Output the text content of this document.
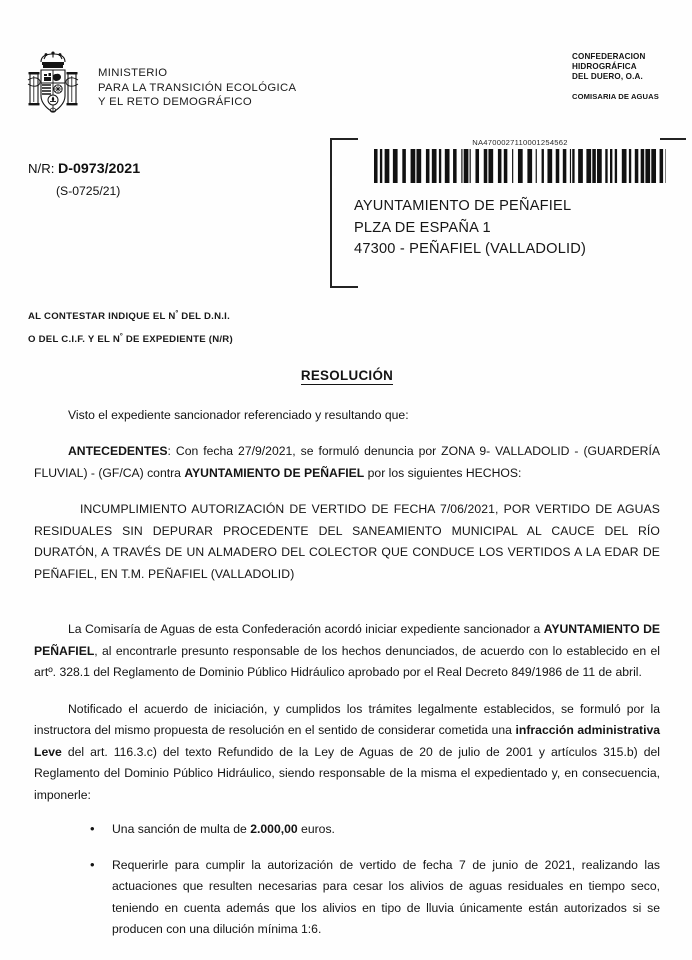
MINISTERIO
PARA LA TRANSICIÓN ECOLÓGICA
Y EL RETO DEMOGRÁFICO
CONFEDERACION
HIDROGRÁFICA
DEL DUERO, O.A.
COMISARIA DE AGUAS
N/R: D-0973/2021
(S-0725/21)
NA4700027110001254562
AYUNTAMIENTO DE PEÑAFIEL
PLZA DE ESPAÑA 1
47300 - PEÑAFIEL (VALLADOLID)
AL CONTESTAR INDIQUE EL $N^º$ DEL D.N.I.
O DEL C.I.F. Y EL $N^º$ DE EXPEDIENTE (N/R)
RESOLUCIÓN

Visto el expediente sancionador referenciado y resultando que:

ANTECEDENTES: Con fecha 27/9/2021, se formuló denuncia por ZONA 9- VALLADOLID - (GUARDERÍA FLUVIAL) - (GF/CA) contra AYUNTAMIENTO DE PEÑAFIEL por los siguientes HECHOS:

INCUMPLIMIENTO AUTORIZACIÓN DE VERTIDO DE FECHA 7/06/2021, POR VERTIDO DE AGUAS RESIDUALES SIN DEPURAR PROCEDENTE DEL SANEAMIENTO MUNICIPAL AL CAUCE DEL RÍO DURATÓN, A TRAVÉS DE UN ALMADERO DEL COLECTOR QUE CONDUCE LOS VERTIDOS A LA EDAR DE PEÑAFIEL, EN T.M. PEÑAFIEL (VALLADOLID)

La Comisaría de Aguas de esta Confederación acordó iniciar expediente sancionador a AYUNTAMIENTO DE PEÑAFIEL, al encontrarle presunto responsable de los hechos denunciados, de acuerdo con lo establecido en el artº. 328.1 del Reglamento de Dominio Público Hidráulico aprobado por el Real Decreto 849/1986 de 11 de abril.

Notificado el acuerdo de iniciación, y cumplidos los trámites legalmente establecidos, se formuló por la instructora del mismo propuesta de resolución en el sentido de considerar cometida una infracción administrativa Leve del art. 116.3.c) del texto Refundido de la Ley de Aguas de 20 de julio de 2001 y artículos 315.b) del Reglamento del Dominio Público Hidráulico, siendo responsable de la misma el expedientado y, en consecuencia, imponerle:

• Una sanción de multa de 2.000,00 euros.
• Requerirle para cumplir la autorización de vertido de fecha 7 de junio de 2021, realizando las actuaciones que resulten necesarias para cesar los alivios de aguas residuales en tiempo seco, teniendo en cuenta además que los alivios en tipo de lluvia únicamente están autorizados si se producen con una dilución mínima 1:6.
